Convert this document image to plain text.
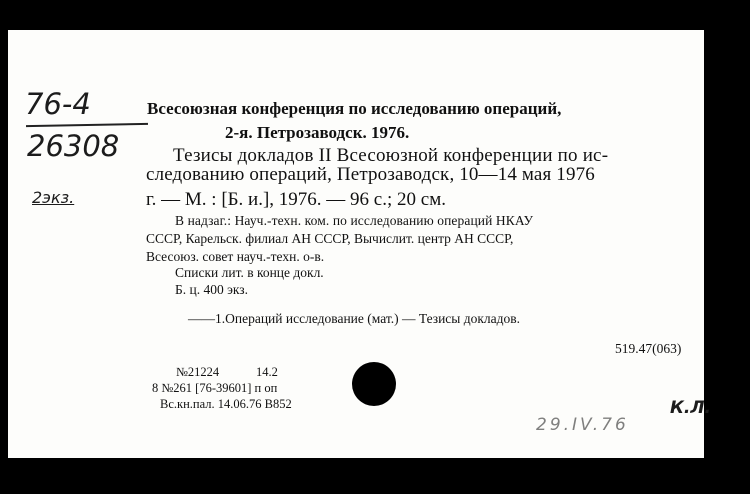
76-4
26308
2экз.
Всесоюзная конференция по исследованию операций,
2-я. Петрозаводск. 1976.
Тезисы докладов II Всесоюзной конференции по ис-
следованию операций, Петрозаводск, 10—14 мая 1976
г. — М. : [Б. и.], 1976. — 96 с.; 20 см.
В надзаг.: Науч.-техн. ком. по исследованию операций НКАУ
СССР, Карельск. филиал АН СССР, Вычислит. центр АН СССР,
Всесоюз. совет науч.-техн. о-в.
Списки лит. в конце докл.
Б. ц. 400 экз.
——1.Операций исследование (мат.) — Тезисы докладов.
519.47(063)
№21224	14.2
8 №261 [76-39601] п оп
Вс.кн.пал. 14.06.76 В852
29.IV.76
К.Л.
